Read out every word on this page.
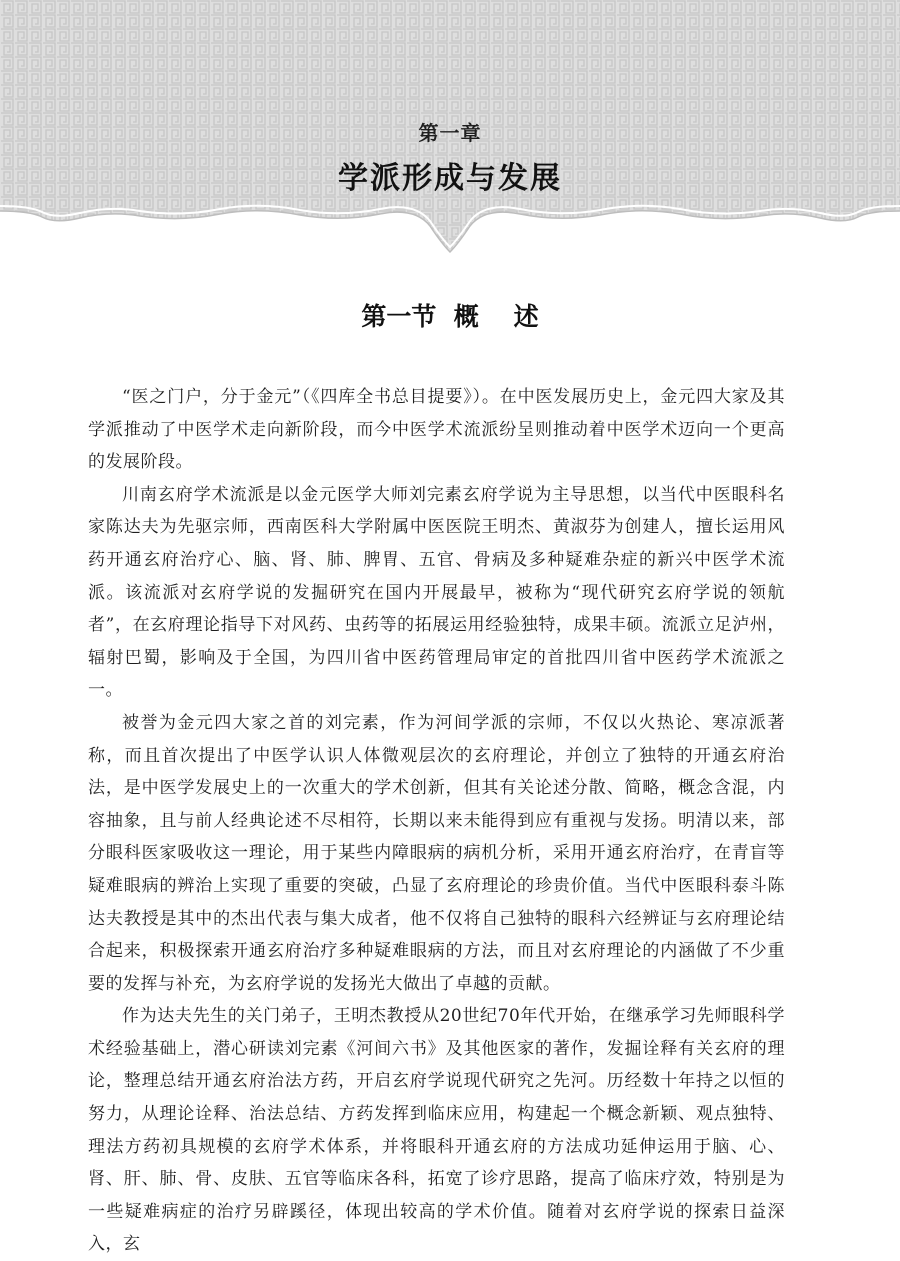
第一章
学派形成与发展
第一节  概    述

“医之门户，分于金元”（《四库全书总目提要》）。在中医发展历史上，金元四大家及其学派推动了中医学术走向新阶段，而今中医学术流派纷呈则推动着中医学术迈向一个更高的发展阶段。

川南玄府学术流派是以金元医学大师刘完素玄府学说为主导思想，以当代中医眼科名家陈达夫为先驱宗师，西南医科大学附属中医医院王明杰、黄淑芬为创建人，擅长运用风药开通玄府治疗心、脑、肾、肺、脾胃、五官、骨病及多种疑难杂症的新兴中医学术流派。该流派对玄府学说的发掘研究在国内开展最早，被称为“现代研究玄府学说的领航者”，在玄府理论指导下对风药、虫药等的拓展运用经验独特，成果丰硕。流派立足泸州，辐射巴蜀，影响及于全国，为四川省中医药管理局审定的首批四川省中医药学术流派之一。

被誉为金元四大家之首的刘完素，作为河间学派的宗师，不仅以火热论、寒凉派著称，而且首次提出了中医学认识人体微观层次的玄府理论，并创立了独特的开通玄府治法，是中医学发展史上的一次重大的学术创新，但其有关论述分散、简略，概念含混，内容抽象，且与前人经典论述不尽相符，长期以来未能得到应有重视与发扬。明清以来，部分眼科医家吸收这一理论，用于某些内障眼病的病机分析，采用开通玄府治疗，在青盲等疑难眼病的辨治上实现了重要的突破，凸显了玄府理论的珍贵价值。当代中医眼科泰斗陈达夫教授是其中的杰出代表与集大成者，他不仅将自己独特的眼科六经辨证与玄府理论结合起来，积极探索开通玄府治疗多种疑难眼病的方法，而且对玄府理论的内涵做了不少重要的发挥与补充，为玄府学说的发扬光大做出了卓越的贡献。

作为达夫先生的关门弟子，王明杰教授从20世纪70年代开始，在继承学习先师眼科学术经验基础上，潜心研读刘完素《河间六书》及其他医家的著作，发掘诠释有关玄府的理论，整理总结开通玄府治法方药，开启玄府学说现代研究之先河。历经数十年持之以恒的努力，从理论诠释、治法总结、方药发挥到临床应用，构建起一个概念新颖、观点独特、理法方药初具规模的玄府学术体系，并将眼科开通玄府的方法成功延伸运用于脑、心、肾、肝、肺、骨、皮肤、五官等临床各科，拓宽了诊疗思路，提高了临床疗效，特别是为一些疑难病症的治疗另辟蹊径，体现出较高的学术价值。随着对玄府学说的探索日益深入，玄
